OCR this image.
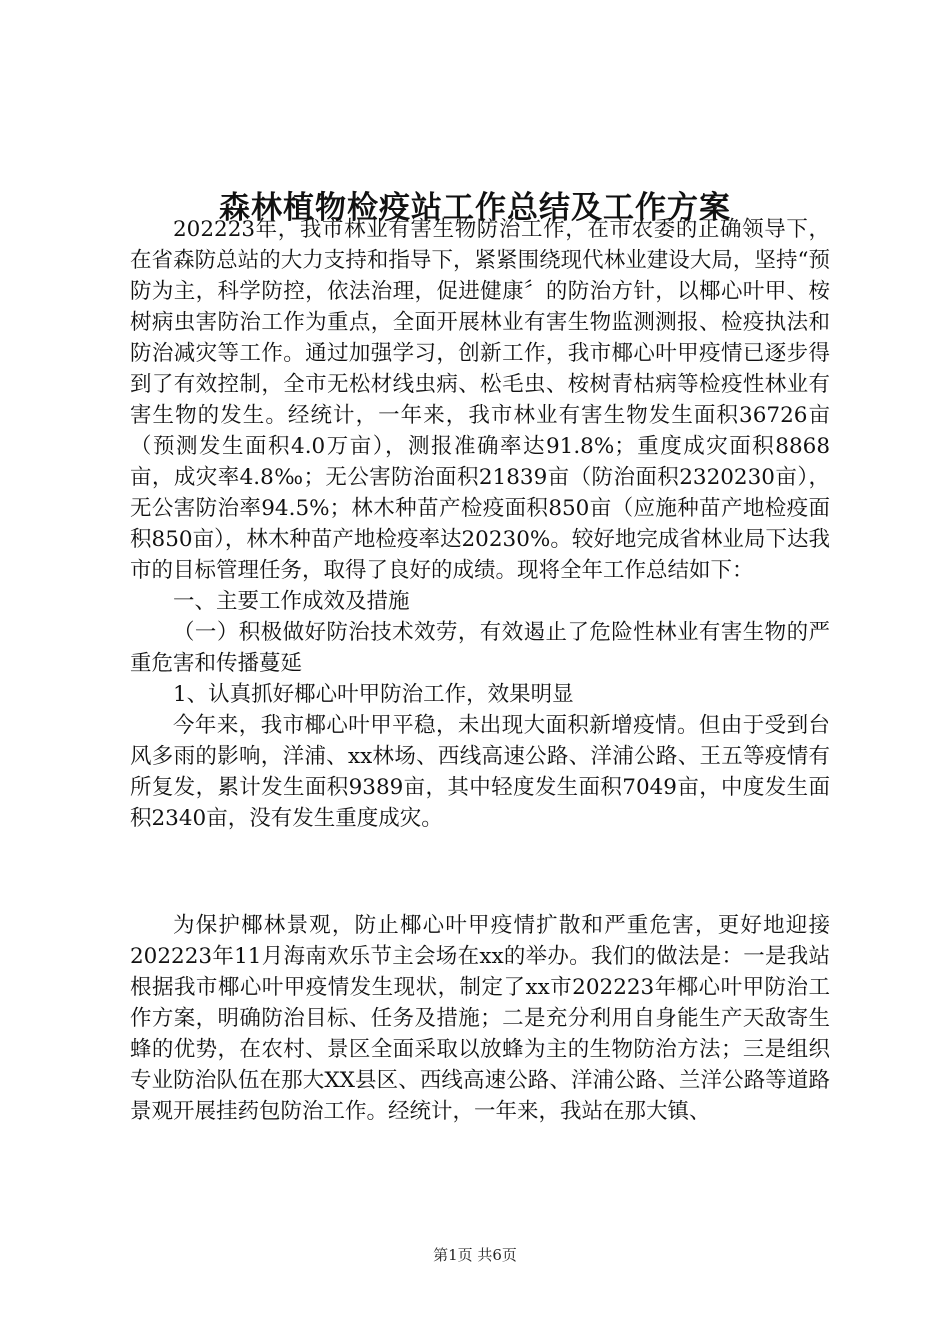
森林植物检疫站工作总结及工作方案

202223年，我市林业有害生物防治工作，在市农委的正确领导下，在省森防总站的大力支持和指导下，紧紧围绕现代林业建设大局，坚持“预防为主，科学防控，依法治理，促进健康〞的防治方针，以椰心叶甲、桉树病虫害防治工作为重点，全面开展林业有害生物监测测报、检疫执法和防治减灾等工作。通过加强学习，创新工作，我市椰心叶甲疫情已逐步得到了有效控制，全市无松材线虫病、松毛虫、桉树青枯病等检疫性林业有害生物的发生。经统计，一年来，我市林业有害生物发生面积36726亩（预测发生面积4.0万亩），测报准确率达91.8%；重度成灾面积8868亩，成灾率4.8‰；无公害防治面积21839亩（防治面积2320230亩），无公害防治率94.5%；林木种苗产检疫面积850亩（应施种苗产地检疫面积850亩），林木种苗产地检疫率达20230%。较好地完成省林业局下达我市的目标管理任务，取得了良好的成绩。现将全年工作总结如下：

一、主要工作成效及措施

（一）积极做好防治技术效劳，有效遏止了危险性林业有害生物的严重危害和传播蔓延

1、认真抓好椰心叶甲防治工作，效果明显

今年来，我市椰心叶甲平稳，未出现大面积新增疫情。但由于受到台风多雨的影响，洋浦、xx林场、西线高速公路、洋浦公路、王五等疫情有所复发，累计发生面积9389亩，其中轻度发生面积7049亩，中度发生面积2340亩，没有发生重度成灾。

为保护椰林景观，防止椰心叶甲疫情扩散和严重危害，更好地迎接202223年11月海南欢乐节主会场在xx的举办。我们的做法是：一是我站根据我市椰心叶甲疫情发生现状，制定了xx市202223年椰心叶甲防治工作方案，明确防治目标、任务及措施；二是充分利用自身能生产天敌寄生蜂的优势，在农村、景区全面采取以放蜂为主的生物防治方法；三是组织专业防治队伍在那大XX县区、西线高速公路、洋浦公路、兰洋公路等道路景观开展挂药包防治工作。经统计，一年来，我站在那大镇、

第1页 共6页
